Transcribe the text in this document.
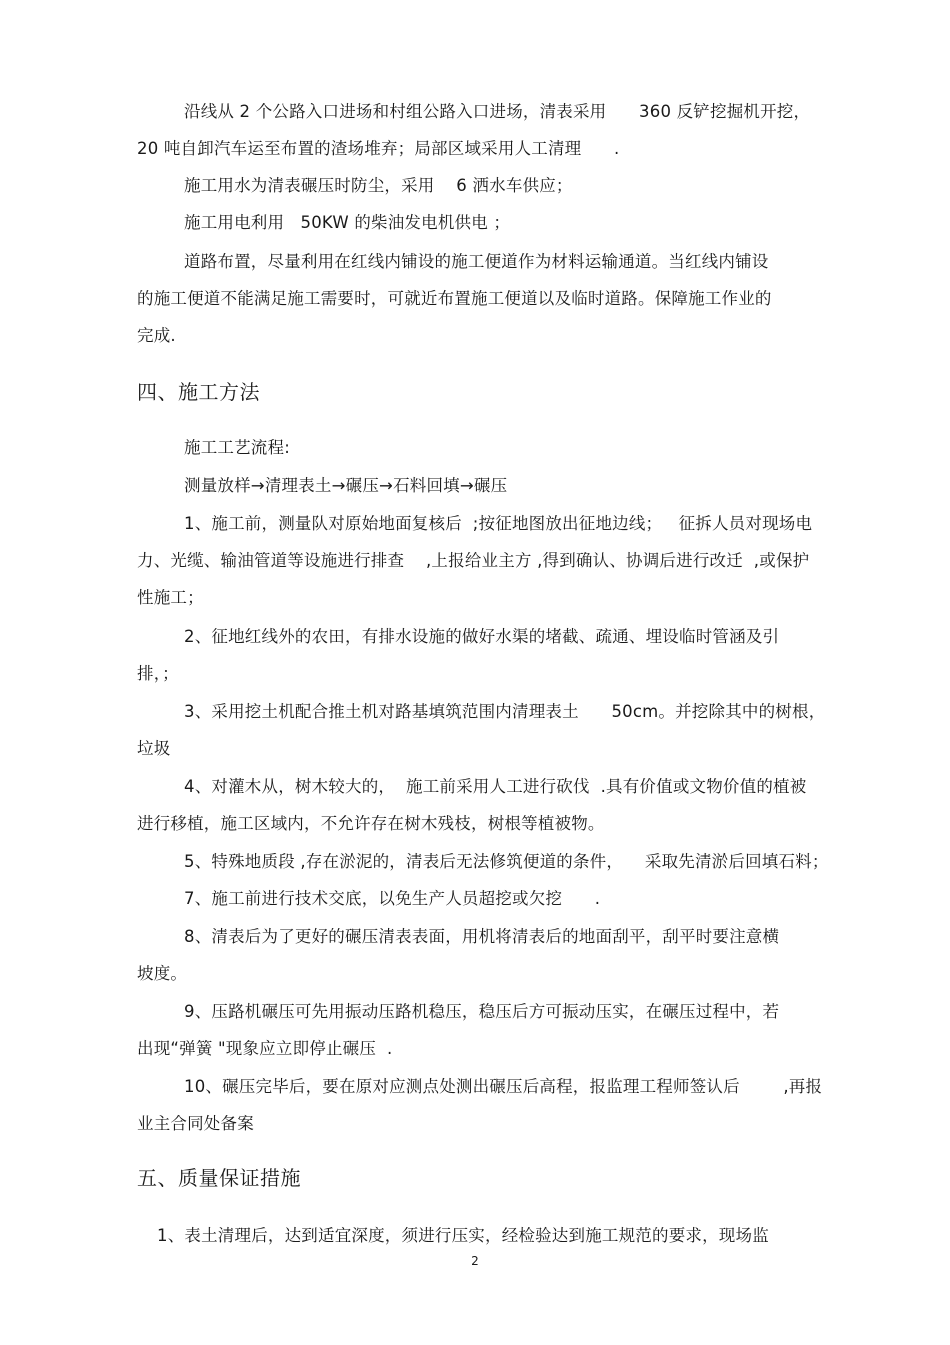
沿线从 2 个公路入口进场和村组公路入口进场，清表采用      360 反铲挖掘机开挖，
20 吨自卸汽车运至布置的渣场堆弃；局部区域采用人工清理      .
施工用水为清表碾压时防尘，采用    6 洒水车供应；
施工用电利用   50KW 的柴油发电机供电 ；
道路布置，尽量利用在红线内铺设的施工便道作为材料运输通道。当红线内铺设
的施工便道不能满足施工需要时，可就近布置施工便道以及临时道路。保障施工作业的
完成.
四、施工方法
施工工艺流程:
测量放样→清理表土→碾压→石料回填→碾压
1、施工前，测量队对原始地面复核后  ;按征地图放出征地边线；   征拆人员对现场电
力、光缆、输油管道等设施进行排查    ,上报给业主方 ,得到确认、协调后进行改迁  ,或保护
性施工；
2、征地红线外的农田，有排水设施的做好水渠的堵截、疏通、埋设临时管涵及引
排，；
3、采用挖土机配合推土机对路基填筑范围内清理表土      50cm。并挖除其中的树根，
垃圾
4、对灌木从，树木较大的，  施工前采用人工进行砍伐  .具有价值或文物价值的植被
进行移植，施工区域内，不允许存在树木残枝，树根等植被物。
5、特殊地质段 ,存在淤泥的，清表后无法修筑便道的条件，    采取先清淤后回填石料；
7、施工前进行技术交底，以免生产人员超挖或欠挖      .
8、清表后为了更好的碾压清表表面，用机将清表后的地面刮平，刮平时要注意横
坡度。
9、压路机碾压可先用振动压路机稳压，稳压后方可振动压实，在碾压过程中，若
出现“弹簧 "现象应立即停止碾压  .
10、碾压完毕后，要在原对应测点处测出碾压后高程，报监理工程师签认后        ,再报
业主合同处备案
五、质量保证措施
1、表土清理后，达到适宜深度，须进行压实，经检验达到施工规范的要求，现场监
2
